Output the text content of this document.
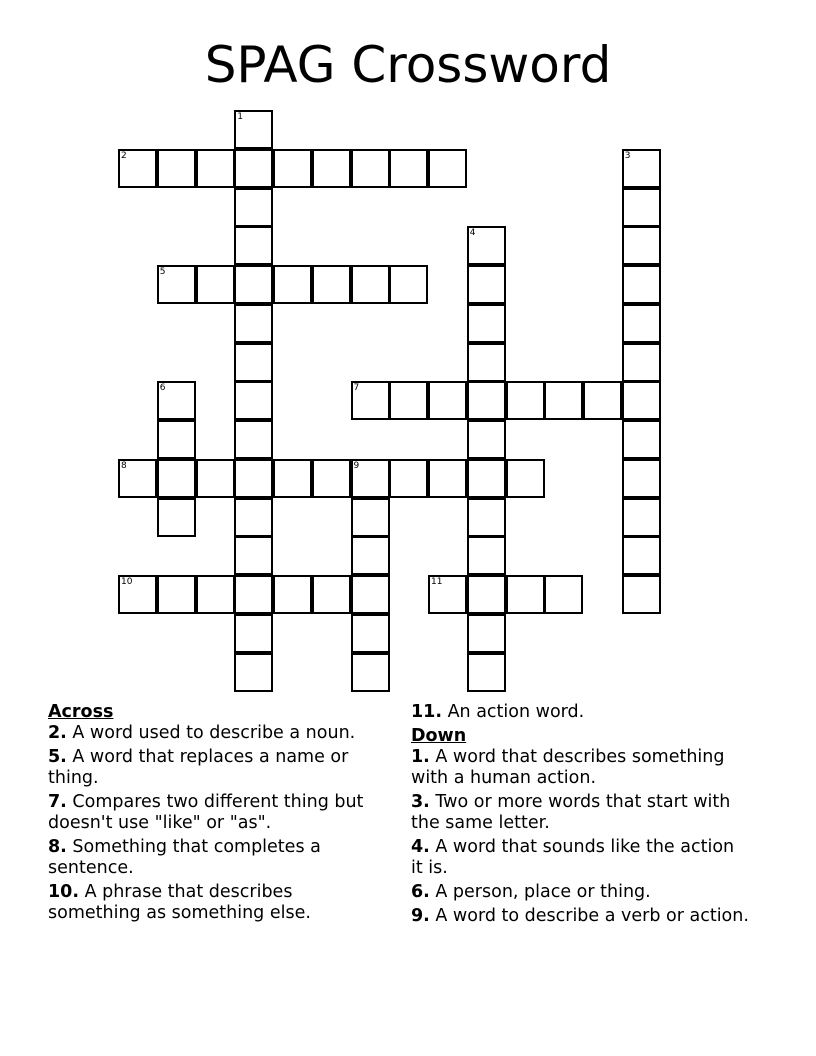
SPAG Crossword
2
5
7
8	9
10	11
1
3
4
6

Across

2. A word used to describe a noun.

5. A word that replaces a name or thing.

7. Compares two different thing but doesn't use "like" or "as".

8. Something that completes a sentence.

10. A phrase that describes something as something else.

11. An action word.

Down

1. A word that describes something with a human action.

3. Two or more words that start with the same letter.

4. A word that sounds like the action it is.

6. A person, place or thing.

9. A word to describe a verb or action.
